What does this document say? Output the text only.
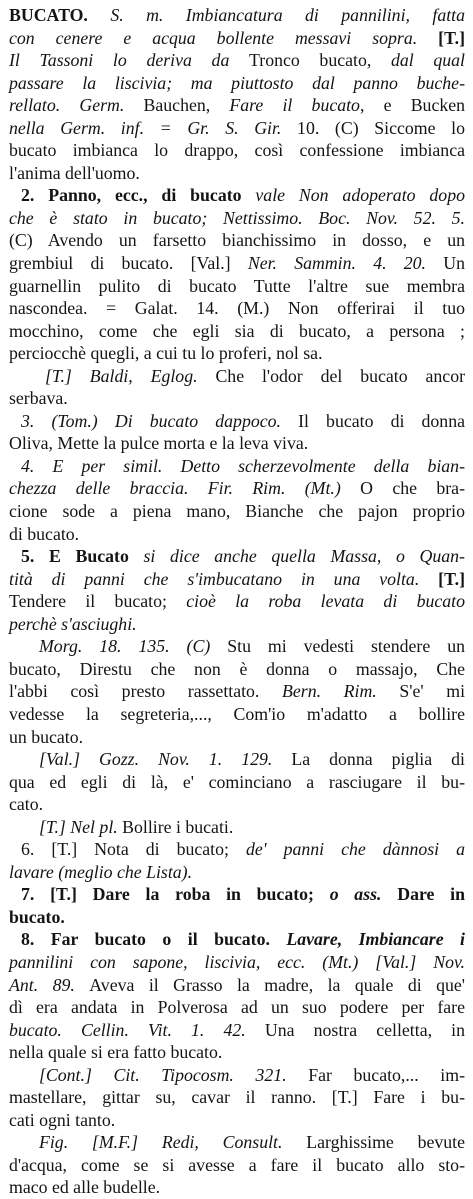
BUCATO. S. m. Imbiancatura di pannilini, fatta
con cenere e acqua bollente messavi sopra. [T.]
Il Tassoni lo deriva da Tronco bucato, dal qual
passare la liscivia; ma piuttosto dal panno buche-
rellato. Germ. Bauchen, Fare il bucato, e Bucken
nella Germ. inf. = Gr. S. Gir. 10. (C) Siccome lo
bucato imbianca lo drappo, così confessione imbianca
l'anima dell'uomo.
2. Panno, ecc., di bucato vale Non adoperato dopo
che è stato in bucato; Nettissimo. Boc. Nov. 52. 5.
(C) Avendo un farsetto bianchissimo in dosso, e un
grembiul di bucato. [Val.] Ner. Sammin. 4. 20. Un
guarnellin pulito di bucato Tutte l'altre sue membra
nascondea. = Galat. 14. (M.) Non offerirai il tuo
mocchino, come che egli sia di bucato, a persona ;
perciocchè quegli, a cui tu lo proferi, nol sa.
[T.] Baldi, Eglog. Che l'odor del bucato ancor
serbava.
3. (Tom.) Di bucato dappoco. Il bucato di donna
Oliva, Mette la pulce morta e la leva viva.
4. E per simil. Detto scherzevolmente della bian-
chezza delle braccia. Fir. Rim. (Mt.) O che bra-
cione sode a piena mano, Bianche che pajon proprio
di bucato.
5. E Bucato si dice anche quella Massa, o Quan-
tità di panni che s'imbucatano in una volta. [T.]
Tendere il bucato; cioè la roba levata di bucato
perchè s'asciughi.
Morg. 18. 135. (C) Stu mi vedesti stendere un
bucato, Direstu che non è donna o massajo, Che
l'abbi così presto rassettato. Bern. Rim. S'e' mi
vedesse la segreteria,..., Com'io m'adatto a bollire
un bucato.
[Val.] Gozz. Nov. 1. 129. La donna piglia di
qua ed egli di là, e' cominciano a rasciugare il bu-
cato.
[T.] Nel pl. Bollire i bucati.
6. [T.] Nota di bucato; de' panni che dànnosi a
lavare (meglio che Lista).
7. [T.] Dare la roba in bucato; o ass. Dare in
bucato.
8. Far bucato o il bucato. Lavare, Imbiancare i
pannilini con sapone, liscivia, ecc. (Mt.) [Val.] Nov.
Ant. 89. Aveva il Grasso la madre, la quale di que'
dì era andata in Polverosa ad un suo podere per fare
bucato. Cellin. Vit. 1. 42. Una nostra celletta, in
nella quale si era fatto bucato.
[Cont.] Cit. Tipocosm. 321. Far bucato,... im-
mastellare, gittar su, cavar il ranno. [T.] Fare i bu-
cati ogni tanto.
Fig. [M.F.] Redi, Consult. Larghissime bevute
d'acqua, come se si avesse a fare il bucato allo sto-
maco ed alle budelle.
